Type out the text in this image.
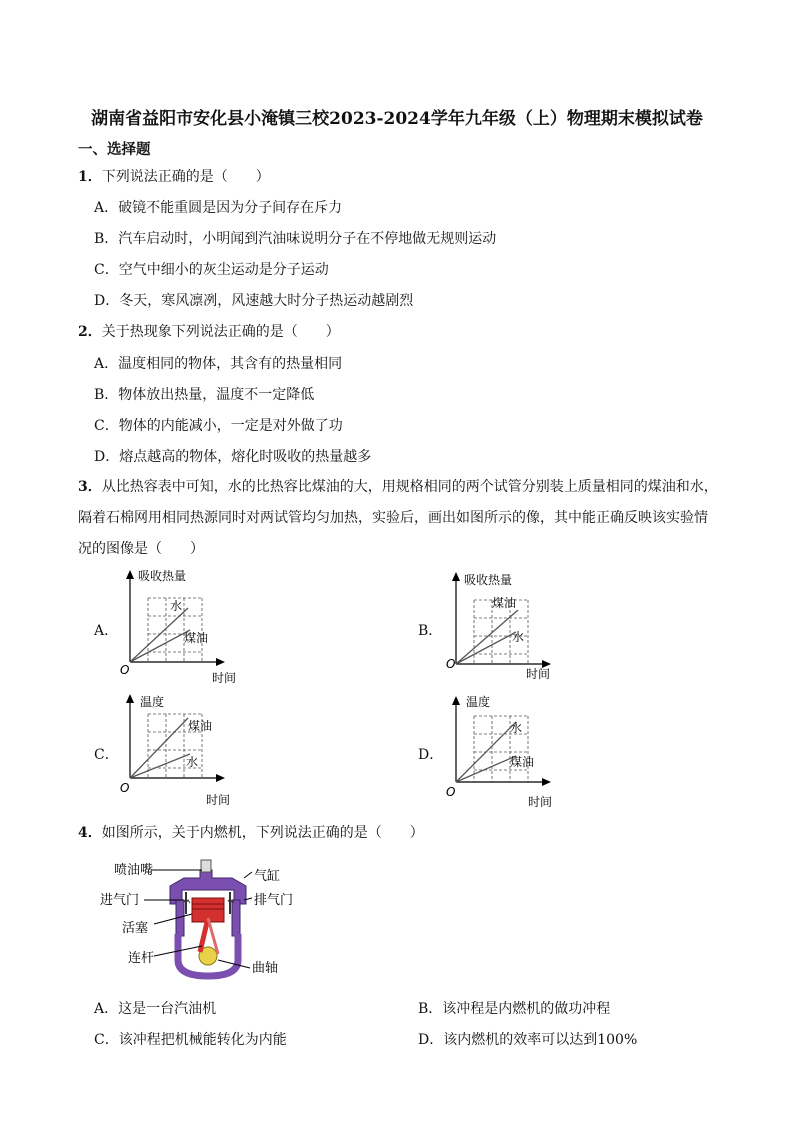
湖南省益阳市安化县小淹镇三校2023-2024学年九年级（上）物理期末模拟试卷
一、选择题
1．下列说法正确的是（　　）
A．破镜不能重圆是因为分子间存在斥力
B．汽车启动时，小明闻到汽油味说明分子在不停地做无规则运动
C．空气中细小的灰尘运动是分子运动
D．冬天，寒风凛冽，风速越大时分子热运动越剧烈
2．关于热现象下列说法正确的是（　　）
A．温度相同的物体，其含有的热量相同
B．物体放出热量，温度不一定降低
C．物体的内能减小，一定是对外做了功
D．熔点越高的物体，熔化时吸收的热量越多
3．从比热容表中可知，水的比热容比煤油的大，用规格相同的两个试管分别装上质量相同的煤油和水，
隔着石棉网用相同热源同时对两试管均匀加热，实验后，画出如图所示的像，其中能正确反映该实验情
况的图像是（　　）
A．
吸收热量
水
煤油
O
时间
B．
吸收热量
煤油
水
O
时间
C．
温度
煤油
水
O
时间
D．
温度
水
煤油
O
时间
4．如图所示，关于内燃机，下列说法正确的是（　　）
喷油嘴	气缸
进气门	排气门
活塞
连杆
曲轴
A．这是一台汽油机	B．该冲程是内燃机的做功冲程
C．该冲程把机械能转化为内能	D．该内燃机的效率可以达到100%
